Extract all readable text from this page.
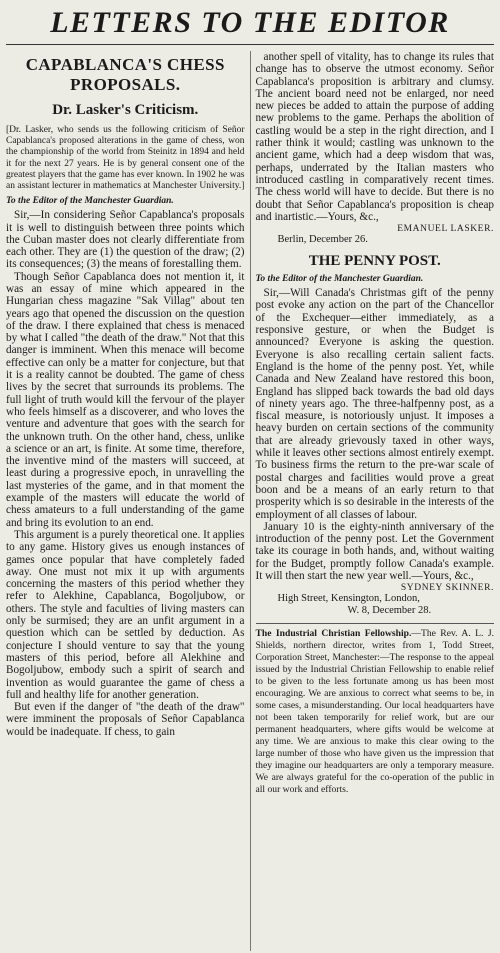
LETTERS TO THE EDITOR
CAPABLANCA'S CHESS PROPOSALS.
Dr. Lasker's Criticism.
[Dr. Lasker, who sends us the following criticism of Señor Capablanca's proposed alterations in the game of chess, won the championship of the world from Steinitz in 1894 and held it for the next 27 years. He is by general consent one of the greatest players that the game has ever known. In 1902 he was an assistant lecturer in mathematics at Manchester University.]
To the Editor of the Manchester Guardian.

Sir,—In considering Señor Capablanca's proposals it is well to distinguish between three points which the Cuban master does not clearly differentiate from each other. They are (1) the question of the draw; (2) its consequences; (3) the means of forestalling them.

Though Señor Capablanca does not mention it, it was an essay of mine which appeared in the Hungarian chess magazine "Sak Villag" about ten years ago that opened the discussion on the question of the draw. I there explained that chess is menaced by what I called "the death of the draw." Not that this danger is imminent. When this menace will become effective can only be a matter for conjecture, but that it is a reality cannot be doubted. The game of chess lives by the secret that surrounds its problems. The full light of truth would kill the fervour of the player who feels himself as a discoverer, and who loves the venture and adventure that goes with the search for the unknown truth. On the other hand, chess, unlike a science or an art, is finite. At some time, therefore, the inventive mind of the masters will succeed, at least during a progressive epoch, in unravelling the last mysteries of the game, and in that moment the example of the masters will educate the world of chess amateurs to a full understanding of the game and bring its evolution to an end.

This argument is a purely theoretical one. It applies to any game. History gives us enough instances of games once popular that have completely faded away. One must not mix it up with arguments concerning the masters of this period whether they refer to Alekhine, Capablanca, Bogoljubow, or others. The style and faculties of living masters can only be surmised; they are an unfit argument in a question which can be settled by deduction. As conjecture I should venture to say that the young masters of this period, before all Alekhine and Bogoljubow, embody such a spirit of search and invention as would guarantee the game of chess a full and healthy life for another generation.

But even if the danger of "the death of the draw" were imminent the proposals of Señor Capablanca would be inadequate. If chess, to gain

another spell of vitality, has to change its rules that change has to observe the utmost economy. Señor Capablanca's proposition is arbitrary and clumsy. The ancient board need not be enlarged, nor need new pieces be added to attain the purpose of adding new problems to the game. Perhaps the abolition of castling would be a step in the right direction, and I rather think it would; castling was unknown to the ancient game, which had a deep wisdom that was, perhaps, underrated by the Italian masters who introduced castling in comparatively recent times. The chess world will have to decide. But there is no doubt that Señor Capablanca's proposition is cheap and inartistic.—Yours, &c.,

EMANUEL LASKER.
Berlin, December 26.
THE PENNY POST.
To the Editor of the Manchester Guardian.

Sir,—Will Canada's Christmas gift of the penny post evoke any action on the part of the Chancellor of the Exchequer—either immediately, as a responsive gesture, or when the Budget is announced? Everyone is asking the question. Everyone is also recalling certain salient facts. England is the home of the penny post. Yet, while Canada and New Zealand have restored this boon, England has slipped back towards the bad old days of ninety years ago. The three-halfpenny post, as a fiscal measure, is notoriously unjust. It imposes a heavy burden on certain sections of the community that are already grievously taxed in other ways, while it leaves other sections almost entirely exempt. To business firms the return to the pre-war scale of postal charges and facilities would prove a great boon and be a means of an early return to that prosperity which is so desirable in the interests of the employment of all classes of labour.

January 10 is the eighty-ninth anniversary of the introduction of the penny post. Let the Government take its courage in both hands, and, without waiting for the Budget, promptly follow Canada's example. It will then start the new year well.—Yours, &c.,

SYDNEY SKINNER.
High Street, Kensington, London,
W. 8, December 28.

The Industrial Christian Fellowship.—The Rev. A. L. J. Shields, northern director, writes from 1, Todd Street, Corporation Street, Manchester:—The response to the appeal issued by the Industrial Christian Fellowship to enable relief to be given to the less fortunate among us has been most encouraging. We are anxious to correct what seems to be, in some cases, a misunderstanding. Our local headquarters have not been taken temporarily for relief work, but are our permanent headquarters, where gifts would be welcome at any time. We are anxious to make this clear owing to the large number of those who have given us the impression that they imagine our headquarters are only a temporary measure. We are always grateful for the co-operation of the public in all our work and efforts.
